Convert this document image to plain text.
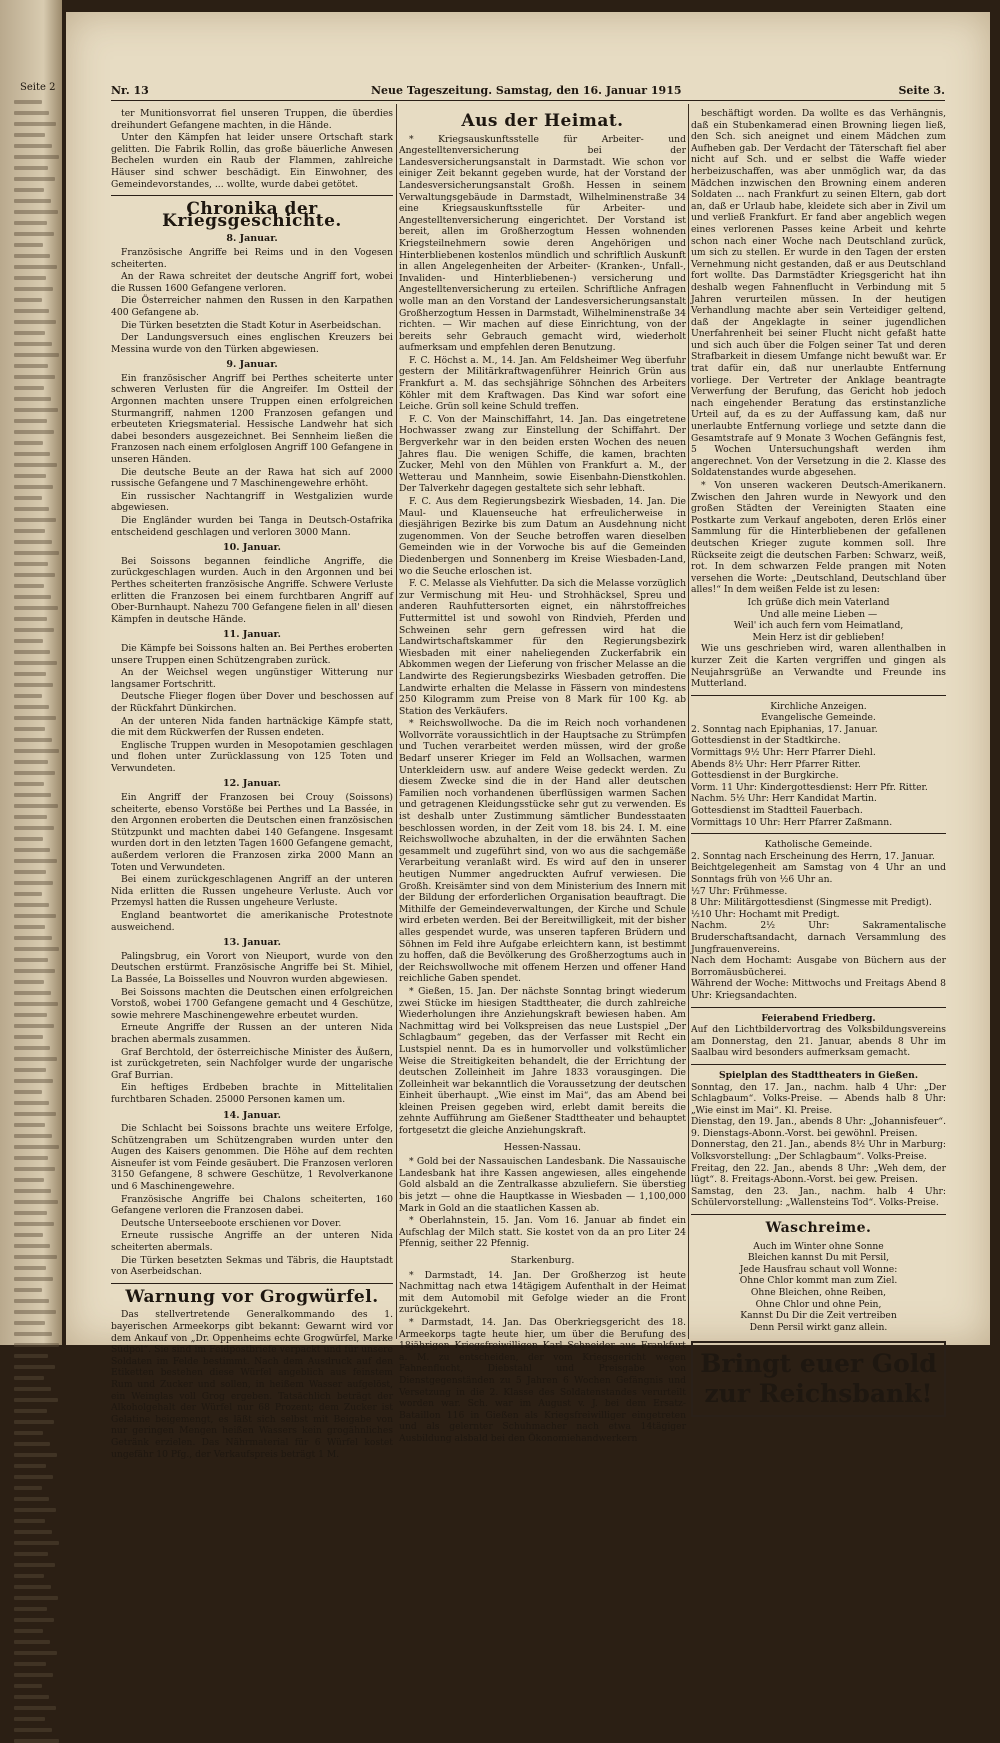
Seite 2	Nr. 13	Neue Tageszeitung. Samstag, den 16. Januar 1915	Seite 3.

ter Munitionsvorrat fiel unseren Truppen, die überdies dreihundert Gefangene machten, in die Hände.

Unter den Kämpfen hat leider unsere Ortschaft stark gelitten. Die Fabrik Rollin, das große bäuerliche Anwesen Bechelen wurden ein Raub der Flammen, zahlreiche Häuser sind schwer beschädigt. Ein Einwohner, des Gemeindevorstandes, ... wollte, wurde dabei getötet.

Chronika der Kriegsgeschichte.
8. Januar.

Französische Angriffe bei Reims und in den Vogesen scheiterten.

An der Rawa schreitet der deutsche Angriff fort, wobei die Russen 1600 Gefangene verloren.

Die Österreicher nahmen den Russen in den Karpathen 400 Gefangene ab.

Die Türken besetzten die Stadt Kotur in Aserbeidschan.

Der Landungsversuch eines englischen Kreuzers bei Messina wurde von den Türken abgewiesen.

9. Januar.

Ein französischer Angriff bei Perthes scheiterte unter schweren Verlusten für die Angreifer. Im Ostteil der Argonnen machten unsere Truppen einen erfolgreichen Sturmangriff, nahmen 1200 Franzosen gefangen und erbeuteten Kriegsmaterial. Hessische Landwehr hat sich dabei besonders ausgezeichnet. Bei Sennheim ließen die Franzosen nach einem erfolglosen Angriff 100 Gefangene in unseren Händen.

Die deutsche Beute an der Rawa hat sich auf 2000 russische Gefangene und 7 Maschinengewehre erhöht.

Ein russischer Nachtangriff in Westgalizien wurde abgewiesen.

Die Engländer wurden bei Tanga in Deutsch-Ostafrika entscheidend geschlagen und verloren 3000 Mann.

10. Januar.

Bei Soissons begannen feindliche Angriffe, die zurückgeschlagen wurden. Auch in den Argonnen und bei Perthes scheiterten französische Angriffe. Schwere Verluste erlitten die Franzosen bei einem furchtbaren Angriff auf Ober-Burnhaupt. Nahezu 700 Gefangene fielen in all' diesen Kämpfen in deutsche Hände.

11. Januar.

Die Kämpfe bei Soissons halten an. Bei Perthes eroberten unsere Truppen einen Schützengraben zurück.

An der Weichsel wegen ungünstiger Witterung nur langsamer Fortschritt.

Deutsche Flieger flogen über Dover und beschossen auf der Rückfahrt Dünkirchen.

An der unteren Nida fanden hartnäckige Kämpfe statt, die mit dem Rückwerfen der Russen endeten.

Englische Truppen wurden in Mesopotamien geschlagen und flohen unter Zurücklassung von 125 Toten und Verwundeten.

12. Januar.

Ein Angriff der Franzosen bei Crouy (Soissons) scheiterte, ebenso Vorstöße bei Perthes und La Bassée, in den Argonnen eroberten die Deutschen einen französischen Stützpunkt und machten dabei 140 Gefangene. Insgesamt wurden dort in den letzten Tagen 1600 Gefangene gemacht, außerdem verloren die Franzosen zirka 2000 Mann an Toten und Verwundeten.

Bei einem zurückgeschlagenen Angriff an der unteren Nida erlitten die Russen ungeheure Verluste. Auch vor Przemysl hatten die Russen ungeheure Verluste.

England beantwortet die amerikanische Protestnote ausweichend.

13. Januar.

Palingsbrug, ein Vorort von Nieuport, wurde von den Deutschen erstürmt. Französische Angriffe bei St. Mihiel, La Bassée, La Boisselles und Nouvron wurden abgewiesen.

Bei Soissons machten die Deutschen einen erfolgreichen Vorstoß, wobei 1700 Gefangene gemacht und 4 Geschütze, sowie mehrere Maschinengewehre erbeutet wurden.

Erneute Angriffe der Russen an der unteren Nida brachen abermals zusammen.

Graf Berchtold, der österreichische Minister des Äußern, ist zurückgetreten, sein Nachfolger wurde der ungarische Graf Burrian.

Ein heftiges Erdbeben brachte in Mittelitalien furchtbaren Schaden. 25000 Personen kamen um.

14. Januar.

Die Schlacht bei Soissons brachte uns weitere Erfolge, Schützengraben um Schützengraben wurden unter den Augen des Kaisers genommen. Die Höhe auf dem rechten Aisneufer ist vom Feinde gesäubert. Die Franzosen verloren 3150 Gefangene, 8 schwere Geschütze, 1 Revolverkanone und 6 Maschinengewehre.

Französische Angriffe bei Chalons scheiterten, 160 Gefangene verloren die Franzosen dabei.

Deutsche Unterseeboote erschienen vor Dover.

Erneute russische Angriffe an der unteren Nida scheiterten abermals.

Die Türken besetzten Sekmas und Täbris, die Hauptstadt von Aserbeidschan.

Warnung vor Grogwürfel.

Das stellvertretende Generalkommando des 1. bayerischen Armeekorps gibt bekannt: Gewarnt wird vor dem Ankauf von „Dr. Oppenheims echte Grogwürfel, Marke Südpol“. Sie sind im Feldpostbriefe verpackt und für unsere Soldaten im Felde bestimmt. Nach dem Ausdruck auf den Etiketten bestehen diese Würfel angeblich aus feinstem Rum und Zucker und sollen, in heißem Wasser aufgelöst, ein Weinglas voll Grog ergeben. Tatsächlich beträgt der Alkoholgehalt der Würfel nur 68 Prozent; dem Zucker ist Gelatine beigemengt, es läßt sich selbst mit Beigabe von nur geringen Mengen heißen Wassers kein grogähnliches Getränk erzielen. Das Nährmaterial für 6 Würfel kostet ungefähr 10 Pfg., der Verkaufspreis beträgt 1 M.

Aus der Heimat.

* Kriegsauskunftsstelle für Arbeiter- und Angestelltenversicherung bei der Landesversicherungsanstalt in Darmstadt. Wie schon vor einiger Zeit bekannt gegeben wurde, hat der Vorstand der Landesversicherungsanstalt Großh. Hessen in seinem Verwaltungsgebäude in Darmstadt, Wilhelminenstraße 34 eine Kriegsauskunftsstelle für Arbeiter- und Angestelltenversicherung eingerichtet. Der Vorstand ist bereit, allen im Großherzogtum Hessen wohnenden Kriegsteilnehmern sowie deren Angehörigen und Hinterbliebenen kostenlos mündlich und schriftlich Auskunft in allen Angelegenheiten der Arbeiter- (Kranken-, Unfall-, Invaliden- und Hinterbliebenen-) versicherung und Angestelltenversicherung zu erteilen. Schriftliche Anfragen wolle man an den Vorstand der Landesversicherungsanstalt Großherzogtum Hessen in Darmstadt, Wilhelminenstraße 34 richten. — Wir machen auf diese Einrichtung, von der bereits sehr Gebrauch gemacht wird, wiederholt aufmerksam und empfehlen deren Benutzung.

F. C. Höchst a. M., 14. Jan. Am Feldsheimer Weg überfuhr gestern der Militärkraftwagenführer Heinrich Grün aus Frankfurt a. M. das sechsjährige Söhnchen des Arbeiters Köhler mit dem Kraftwagen. Das Kind war sofort eine Leiche. Grün soll keine Schuld treffen.

F. C. Von der Mainschiffahrt, 14. Jan. Das eingetretene Hochwasser zwang zur Einstellung der Schiffahrt. Der Bergverkehr war in den beiden ersten Wochen des neuen Jahres flau. Die wenigen Schiffe, die kamen, brachten Zucker, Mehl von den Mühlen von Frankfurt a. M., der Wetterau und Mannheim, sowie Eisenbahn-Dienstkohlen. Der Talverkehr dagegen gestaltete sich sehr lebhaft.

F. C. Aus dem Regierungsbezirk Wiesbaden, 14. Jan. Die Maul- und Klauenseuche hat erfreulicherweise in diesjährigen Bezirke bis zum Datum an Ausdehnung nicht zugenommen. Von der Seuche betroffen waren dieselben Gemeinden wie in der Vorwoche bis auf die Gemeinden Diedenbergen und Sonnenberg im Kreise Wiesbaden-Land, wo die Seuche erloschen ist.

F. C. Melasse als Viehfutter. Da sich die Melasse vorzüglich zur Vermischung mit Heu- und Strohhäcksel, Spreu und anderen Rauhfuttersorten eignet, ein nährstoffreiches Futtermittel ist und sowohl von Rindvieh, Pferden und Schweinen sehr gern gefressen wird hat die Landwirtschaftskammer für den Regierungsbezirk Wiesbaden mit einer naheliegenden Zuckerfabrik ein Abkommen wegen der Lieferung von frischer Melasse an die Landwirte des Regierungsbezirks Wiesbaden getroffen. Die Landwirte erhalten die Melasse in Fässern von mindestens 250 Kilogramm zum Preise von 8 Mark für 100 Kg. ab Station des Verkäufers.

* Reichswollwoche. Da die im Reich noch vorhandenen Wollvorräte voraussichtlich in der Hauptsache zu Strümpfen und Tuchen verarbeitet werden müssen, wird der große Bedarf unserer Krieger im Feld an Wollsachen, warmen Unterkleidern usw. auf andere Weise gedeckt werden. Zu diesem Zwecke sind die in der Hand aller deutschen Familien noch vorhandenen überflüssigen warmen Sachen und getragenen Kleidungsstücke sehr gut zu verwenden. Es ist deshalb unter Zustimmung sämtlicher Bundesstaaten beschlossen worden, in der Zeit vom 18. bis 24. I. M. eine Reichswollwoche abzuhalten, in der die erwähnten Sachen gesammelt und zugeführt sind, von wo aus die sachgemäße Verarbeitung veranlaßt wird. Es wird auf den in unserer heutigen Nummer angedruckten Aufruf verwiesen. Die Großh. Kreisämter sind von dem Ministerium des Innern mit der Bildung der erforderlichen Organisation beauftragt. Die Mithilfe der Gemeindeverwaltungen, der Kirche und Schule wird erbeten werden. Bei der Bereitwilligkeit, mit der bisher alles gespendet wurde, was unseren tapferen Brüdern und Söhnen im Feld ihre Aufgabe erleichtern kann, ist bestimmt zu hoffen, daß die Bevölkerung des Großherzogtums auch in der Reichswollwoche mit offenem Herzen und offener Hand reichliche Gaben spendet.

* Gießen, 15. Jan. Der nächste Sonntag bringt wiederum zwei Stücke im hiesigen Stadttheater, die durch zahlreiche Wiederholungen ihre Anziehungskraft bewiesen haben. Am Nachmittag wird bei Volkspreisen das neue Lustspiel „Der Schlagbaum“ gegeben, das der Verfasser mit Recht ein Lustspiel nennt. Da es in humorvoller und volkstümlicher Weise die Streitigkeiten behandelt, die der Errichtung der deutschen Zolleinheit im Jahre 1833 vorausgingen. Die Zolleinheit war bekanntlich die Voraussetzung der deutschen Einheit überhaupt. „Wie einst im Mai“, das am Abend bei kleinen Preisen gegeben wird, erlebt damit bereits die zehnte Aufführung am Gießener Stadttheater und behauptet fortgesetzt die gleiche Anziehungskraft.

Hessen-Nassau.

* Gold bei der Nassauischen Landesbank. Die Nassauische Landesbank hat ihre Kassen angewiesen, alles eingehende Gold alsbald an die Zentralkasse abzuliefern. Sie überstieg bis jetzt — ohne die Hauptkasse in Wiesbaden — 1,100,000 Mark in Gold an die staatlichen Kassen ab.

* Oberlahnstein, 15. Jan. Vom 16. Januar ab findet ein Aufschlag der Milch statt. Sie kostet von da an pro Liter 24 Pfennig, seither 22 Pfennig.

Starkenburg.

* Darmstadt, 14. Jan. Der Großherzog ist heute Nachmittag nach etwa 14tägigem Aufenthalt in der Heimat mit dem Automobil mit Gefolge wieder an die Front zurückgekehrt.

* Darmstadt, 14. Jan. Das Oberkriegsgericht des 18. Armeekorps tagte heute hier, um über die Berufung des 18jährigen Kriegsfreiwilligen Karl Schneider aus Frankfurt a. M. zu entscheiden, der vom Kriegsgericht wegen Fahnenflucht, Diebstahl und Preisgabe von Dienstgegenständen zu 5 Jahren 6 Wochen Gefängnis und Versetzung in die 2. Klasse des Soldatenstandes verurteilt worden war. Sch. war im August v. J. bei dem Ersatz-Bataillon 116 in Gießen als Kriegsfreiwilliger eingetreten und als gelernter Schuhmacher nach etwa 14tägiger Ausbildung alsbald bei den Ökonomiehandwerkern

beschäftigt worden. Da wollte es das Verhängnis, daß ein Stubenkamerad einen Browning liegen ließ, den Sch. sich aneignet und einem Mädchen zum Aufheben gab. Der Verdacht der Täterschaft fiel aber nicht auf Sch. und er selbst die Waffe wieder herbeizuschaffen, was aber unmöglich war, da das Mädchen inzwischen den Browning einem anderen Soldaten ... nach Frankfurt zu seinen Eltern, gab dort an, daß er Urlaub habe, kleidete sich aber in Zivil um und verließ Frankfurt. Er fand aber angeblich wegen eines verlorenen Passes keine Arbeit und kehrte schon nach einer Woche nach Deutschland zurück, um sich zu stellen. Er wurde in den Tagen der ersten Vernehmung nicht gestanden, daß er aus Deutschland fort wollte. Das Darmstädter Kriegsgericht hat ihn deshalb wegen Fahnenflucht in Verbindung mit 5 Jahren verurteilen müssen. In der heutigen Verhandlung machte aber sein Verteidiger geltend, daß der Angeklagte in seiner jugendlichen Unerfahrenheit bei seiner Flucht nicht gefaßt hatte und sich auch über die Folgen seiner Tat und deren Strafbarkeit in diesem Umfange nicht bewußt war. Er trat dafür ein, daß nur unerlaubte Entfernung vorliege. Der Vertreter der Anklage beantragte Verwerfung der Berufung, das Gericht hob jedoch nach eingehender Beratung das erstinstanzliche Urteil auf, da es zu der Auffassung kam, daß nur unerlaubte Entfernung vorliege und setzte dann die Gesamtstrafe auf 9 Monate 3 Wochen Gefängnis fest, 5 Wochen Untersuchungshaft werden ihm angerechnet. Von der Versetzung in die 2. Klasse des Soldatenstandes wurde abgesehen.

* Von unseren wackeren Deutsch-Amerikanern. Zwischen den Jahren wurde in Newyork und den großen Städten der Vereinigten Staaten eine Postkarte zum Verkauf angeboten, deren Erlös einer Sammlung für die Hinterbliebenen der gefallenen deutschen Krieger zugute kommen soll. Ihre Rückseite zeigt die deutschen Farben: Schwarz, weiß, rot. In dem schwarzen Felde prangen mit Noten versehen die Worte: „Deutschland, Deutschland über alles!“ In dem weißen Felde ist zu lesen:

Ich grüße dich mein Vaterland

Und alle meine Lieben —

Weil' ich auch fern vom Heimatland,

Mein Herz ist dir geblieben!

Wie uns geschrieben wird, waren allenthalben in kurzer Zeit die Karten vergriffen und gingen als Neujahrsgrüße an Verwandte und Freunde ins Mutterland.

Kirchliche Anzeigen.

Evangelische Gemeinde.

2. Sonntag nach Epiphanias, 17. Januar.

Gottesdienst in der Stadtkirche.

Vormittags 9½ Uhr: Herr Pfarrer Diehl.

Abends 8½ Uhr: Herr Pfarrer Ritter.

Gottesdienst in der Burgkirche.

Vorm. 11 Uhr: Kindergottesdienst: Herr Pfr. Ritter.

Nachm. 5½ Uhr: Herr Kandidat Martin.

Gottesdienst im Stadtteil Fauerbach.

Vormittags 10 Uhr: Herr Pfarrer Zaßmann.

Katholische Gemeinde.

2. Sonntag nach Erscheinung des Herrn, 17. Januar.

Beichtgelegenheit am Samstag von 4 Uhr an und Sonntags früh von ½6 Uhr an.

½7 Uhr: Frühmesse.

8 Uhr: Militärgottesdienst (Singmesse mit Predigt).

½10 Uhr: Hochamt mit Predigt.

Nachm. 2½ Uhr: Sakramentalische Bruderschaftsandacht, darnach Versammlung des Jungfrauenvereins.

Nach dem Hochamt: Ausgabe von Büchern aus der Borromäusbücherei.

Während der Woche: Mittwochs und Freitags Abend 8 Uhr: Kriegsandachten.

Feierabend Friedberg.

Auf den Lichtbildervortrag des Volksbildungsvereins am Donnerstag, den 21. Januar, abends 8 Uhr im Saalbau wird besonders aufmerksam gemacht.

Spielplan des Stadttheaters in Gießen.

Sonntag, den 17. Jan., nachm. halb 4 Uhr: „Der Schlagbaum“. Volks-Preise. — Abends halb 8 Uhr: „Wie einst im Mai“. Kl. Preise.

Dienstag, den 19. Jan., abends 8 Uhr: „Johannisfeuer“. 9. Dienstags-Abonn.-Vorst. bei gewöhnl. Preisen.

Donnerstag, den 21. Jan., abends 8½ Uhr in Marburg: Volksvorstellung: „Der Schlagbaum“. Volks-Preise.

Freitag, den 22. Jan., abends 8 Uhr: „Weh dem, der lügt“. 8. Freitags-Abonn.-Vorst. bei gew. Preisen.

Samstag, den 23. Jan., nachm. halb 4 Uhr: Schülervorstellung: „Wallensteins Tod“. Volks-Preise.

Waschreime.

Auch im Winter ohne Sonne

Bleichen kannst Du mit Persil,

Jede Hausfrau schaut voll Wonne:

Ohne Chlor kommt man zum Ziel.

Ohne Bleichen, ohne Reiben,

Ohne Chlor und ohne Pein,

Kannst Du Dir die Zeit vertreiben

Denn Persil wirkt ganz allein.

Bringt euer Gold
zur Reichsbank!
